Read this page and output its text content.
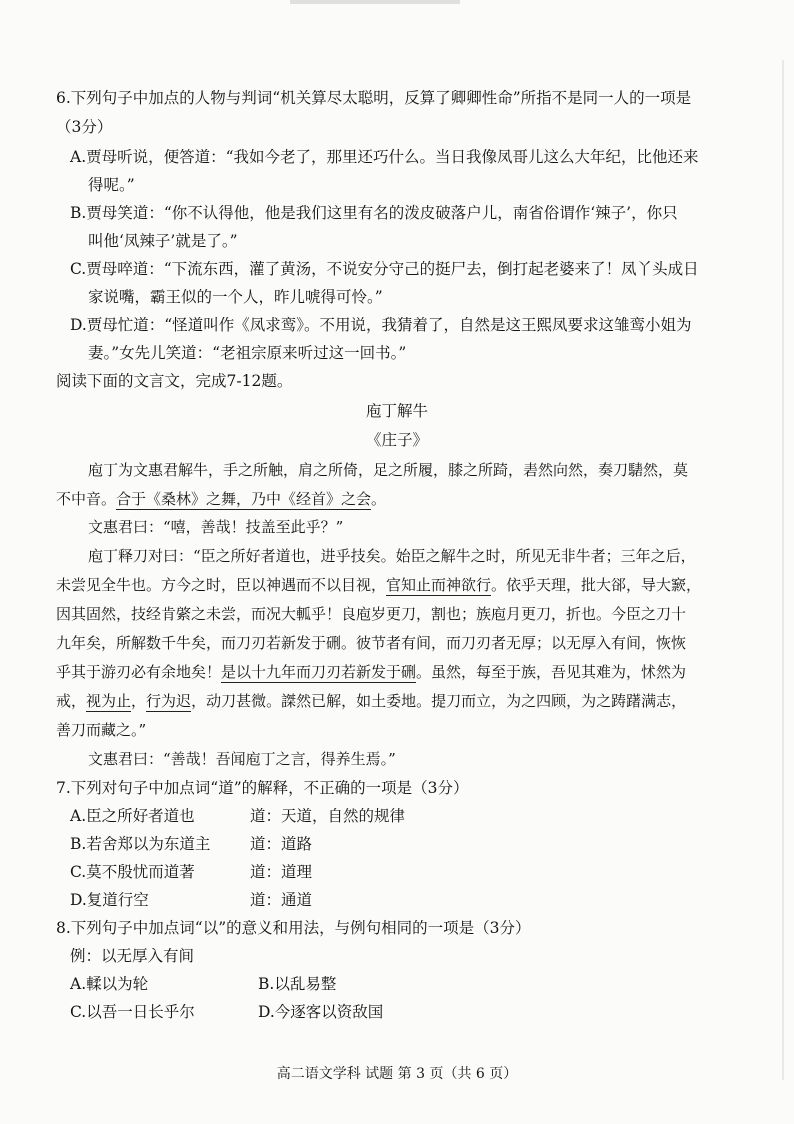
6.下列句子中加点的人物与判词“机关算尽太聪明，反算了卿卿性命”所指不是同一人的一项是
（3分）
A.贾母听说，便答道：“我如今老了，那里还巧什么。当日我像凤哥儿这么大年纪，比他还来
得呢。”
B.贾母笑道：“你不认得他，他是我们这里有名的泼皮破落户儿，南省俗谓作‘辣子’，你只
叫他‘凤辣子’就是了。”
C.贾母啐道：“下流东西，灌了黄汤，不说安分守己的挺尸去，倒打起老婆来了！凤丫头成日
家说嘴，霸王似的一个人，昨儿唬得可怜。”
D.贾母忙道：“怪道叫作《凤求鸾》。不用说，我猜着了，自然是这王熙凤要求这雏鸾小姐为
妻。”女先儿笑道：“老祖宗原来听过这一回书。”
阅读下面的文言文，完成7-12题。
庖丁解牛
《庄子》
庖丁为文惠君解牛，手之所触，肩之所倚，足之所履，膝之所踦，砉然向然，奏刀騞然，莫
不中音。合于《桑林》之舞，乃中《经首》之会。
文惠君曰：“嘻，善哉！技盖至此乎？”
庖丁释刀对曰：“臣之所好者道也，进乎技矣。始臣之解牛之时，所见无非牛者；三年之后，
未尝见全牛也。方今之时，臣以神遇而不以目视，官知止而神欲行。依乎天理，批大郤，导大窾，
因其固然，技经肯綮之未尝，而况大軱乎！良庖岁更刀，割也；族庖月更刀，折也。今臣之刀十
九年矣，所解数千牛矣，而刀刃若新发于硎。彼节者有间，而刀刃者无厚；以无厚入有间，恢恢
乎其于游刃必有余地矣！是以十九年而刀刃若新发于硎。虽然，每至于族，吾见其难为，怵然为
戒，视为止，行为迟，动刀甚微。謋然已解，如土委地。提刀而立，为之四顾，为之踌躇满志，
善刀而藏之。”
文惠君曰：“善哉！吾闻庖丁之言，得养生焉。”
7.下列对句子中加点词“道”的解释，不正确的一项是（3分）
A.臣之所好者道也	道：天道，自然的规律
B.若舍郑以为东道主	道：道路
C.莫不殷忧而道著	道：道理
D.复道行空	道：通道
8.下列句子中加点词“以”的意义和用法，与例句相同的一项是（3分）
例：以无厚入有间
A.輮以为轮	B.以乱易整
C.以吾一日长乎尔	D.今逐客以资敌国
高二语文学科 试题 第 3 页（共 6 页）
